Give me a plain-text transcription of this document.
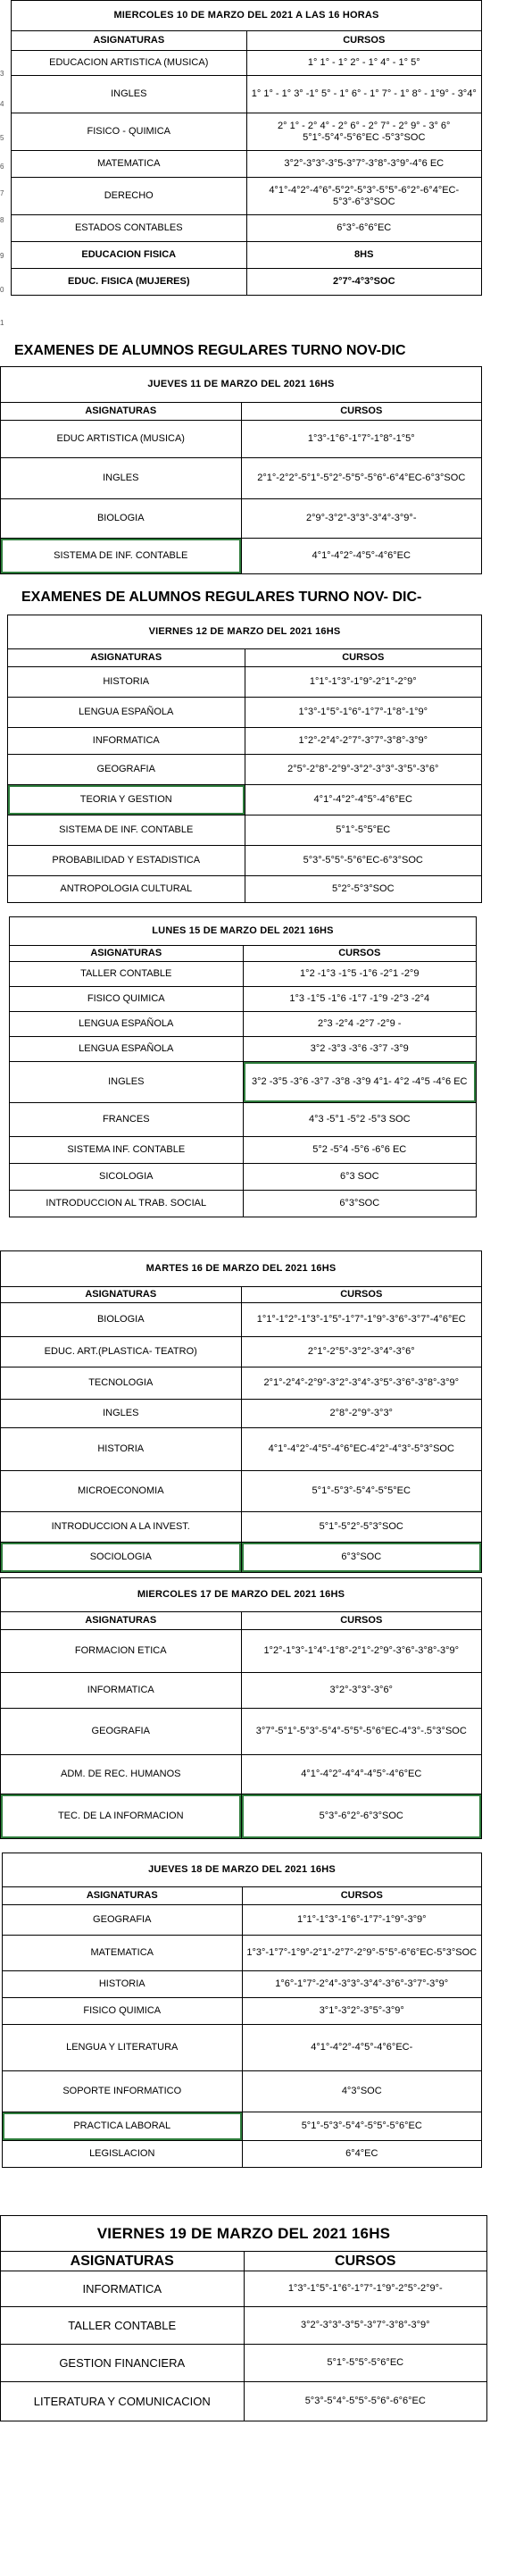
3
4
5
6
7
8
9
0
1
MIERCOLES 10 DE MARZO DEL 2021 A LAS 16 HORAS	
ASIGNATURAS	CURSOS
EDUCACION ARTISTICA (MUSICA)	1° 1° - 1° 2° - 1° 4° - 1° 5°
INGLES	1° 1° - 1° 3° -1° 5° - 1° 6° - 1° 7° - 1° 8° - 1°9° - 3°4°
FISICO - QUIMICA	2° 1° - 2° 4° - 2° 6° - 2° 7° - 2° 9° - 3° 6° 5°1°-5°4°-5°6°EC -5°3°SOC
MATEMATICA	3°2°-3°3°-3°5-3°7°-3°8°-3°9°-4°6 EC
DERECHO	4°1°-4°2°-4°6°-5°2°-5°3°-5°5°-6°2°-6°4°EC-5°3°-6°3°SOC
ESTADOS CONTABLES	6°3°-6°6°EC
EDUCACION FISICA	8HS
EDUC. FISICA (MUJERES)	2°7°-4°3°SOC
EXAMENES DE ALUMNOS REGULARES TURNO NOV-DIC
JUEVES 11 DE MARZO DEL 2021 16HS	
ASIGNATURAS	CURSOS
EDUC ARTISTICA (MUSICA)	1°3°-1°6°-1°7°-1°8°-1°5°
INGLES	2°1°-2°2°-5°1°-5°2°-5°5°-5°6°-6°4°EC-6°3°SOC
BIOLOGIA	2°9°-3°2°-3°3°-3°4°-3°9°-
SISTEMA DE INF. CONTABLE	4°1°-4°2°-4°5°-4°6°EC
EXAMENES DE ALUMNOS REGULARES TURNO NOV- DIC-
VIERNES 12 DE MARZO DEL 2021 16HS	
ASIGNATURAS	CURSOS
HISTORIA	1°1°-1°3°-1°9°-2°1°-2°9°
LENGUA ESPAÑOLA	1°3°-1°5°-1°6°-1°7°-1°8°-1°9°
INFORMATICA	1°2°-2°4°-2°7°-3°7°-3°8°-3°9°
GEOGRAFIA	2°5°-2°8°-2°9°-3°2°-3°3°-3°5°-3°6°
TEORIA Y GESTION	4°1°-4°2°-4°5°-4°6°EC
SISTEMA DE INF. CONTABLE	5°1°-5°5°EC
PROBABILIDAD Y ESTADISTICA	5°3°-5°5°-5°6°EC-6°3°SOC
ANTROPOLOGIA CULTURAL	5°2°-5°3°SOC
LUNES 15 DE MARZO DEL 2021 16HS	
ASIGNATURAS	CURSOS
TALLER CONTABLE	1°2 -1°3 -1°5 -1°6 -2°1 -2°9
FISICO QUIMICA	1°3 -1°5 -1°6 -1°7 -1°9 -2°3 -2°4
LENGUA ESPAÑOLA	2°3 -2°4 -2°7 -2°9 -
LENGUA ESPAÑOLA	3°2 -3°3 -3°6 -3°7 -3°9
INGLES	3°2 -3°5 -3°6 -3°7 -3°8 -3°9 4°1- 4°2 -4°5 -4°6 EC
FRANCES	4°3 -5°1 -5°2 -5°3 SOC
SISTEMA INF. CONTABLE	5°2 -5°4 -5°6 -6°6 EC
SICOLOGIA	6°3 SOC
INTRODUCCION AL TRAB. SOCIAL	6°3°SOC
MARTES 16 DE MARZO DEL 2021 16HS	
ASIGNATURAS	CURSOS
BIOLOGIA	1°1°-1°2°-1°3°-1°5°-1°7°-1°9°-3°6°-3°7°-4°6°EC
EDUC. ART.(PLASTICA- TEATRO)	2°1°-2°5°-3°2°-3°4°-3°6°
TECNOLOGIA	2°1°-2°4°-2°9°-3°2°-3°4°-3°5°-3°6°-3°8°-3°9°
INGLES	2°8°-2°9°-3°3°
HISTORIA	4°1°-4°2°-4°5°-4°6°EC-4°2°-4°3°-5°3°SOC
MICROECONOMIA	5°1°-5°3°-5°4°-5°5°EC
INTRODUCCION A LA INVEST.	5°1°-5°2°-5°3°SOC
SOCIOLOGIA	6°3°SOC
MIERCOLES 17 DE MARZO DEL 2021 16HS	
ASIGNATURAS	CURSOS
FORMACION ETICA	1°2°-1°3°-1°4°-1°8°-2°1°-2°9°-3°6°-3°8°-3°9°
INFORMATICA	3°2°-3°3°-3°6°
GEOGRAFIA	3°7°-5°1°-5°3°-5°4°-5°5°-5°6°EC-4°3°-.5°3°SOC
ADM. DE REC. HUMANOS	4°1°-4°2°-4°4°-4°5°-4°6°EC
TEC. DE LA INFORMACION	5°3°-6°2°-6°3°SOC
JUEVES 18 DE MARZO DEL 2021 16HS	
ASIGNATURAS	CURSOS
GEOGRAFIA	1°1°-1°3°-1°6°-1°7°-1°9°-3°9°
MATEMATICA	1°3°-1°7°-1°9°-2°1°-2°7°-2°9°-5°5°-6°6°EC-5°3°SOC
HISTORIA	1°6°-1°7°-2°4°-3°3°-3°4°-3°6°-3°7°-3°9°
FISICO QUIMICA	3°1°-3°2°-3°5°-3°9°
LENGUA Y LITERATURA	4°1°-4°2°-4°5°-4°6°EC-
SOPORTE INFORMATICO	4°3°SOC
PRACTICA LABORAL	5°1°-5°3°-5°4°-5°5°-5°6°EC
LEGISLACION	6°4°EC
VIERNES 19 DE MARZO DEL 2021 16HS	
ASIGNATURAS	CURSOS
INFORMATICA	1°3°-1°5°-1°6°-1°7°-1°9°-2°5°-2°9°-
TALLER CONTABLE	3°2°-3°3°-3°5°-3°7°-3°8°-3°9°
GESTION FINANCIERA	5°1°-5°5°-5°6°EC
LITERATURA Y COMUNICACION	5°3°-5°4°-5°5°-5°6°-6°6°EC
